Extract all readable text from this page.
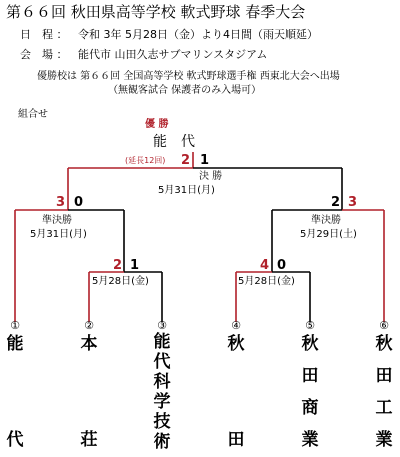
第６６回 秋田県高等学校 軟式野球 春季大会
日　程 ： 令和 3年 5月28日（金）より4日間（雨天順延）
会　場 ： 能代市 山田久志サブマリンスタジアム
優勝校は 第６６回 全国高等学校 軟式野球選手権 西東北大会へ出場
（無観客試合 保護者のみ入場可）
組合せ
優 勝
能　代
決 勝
5月31日(月)
(延長12回) 2 1
3 0
準決勝
5月31日(月)
2 3
準決勝
5月29日(土)
2 1
5月28日(金)
4 0
5月28日(金)
①	②	③	④	⑤	⑥
能
代
本
荘
能
代
科
学
技
術
秋
田
秋
田
商
業
秋
田
工
業
